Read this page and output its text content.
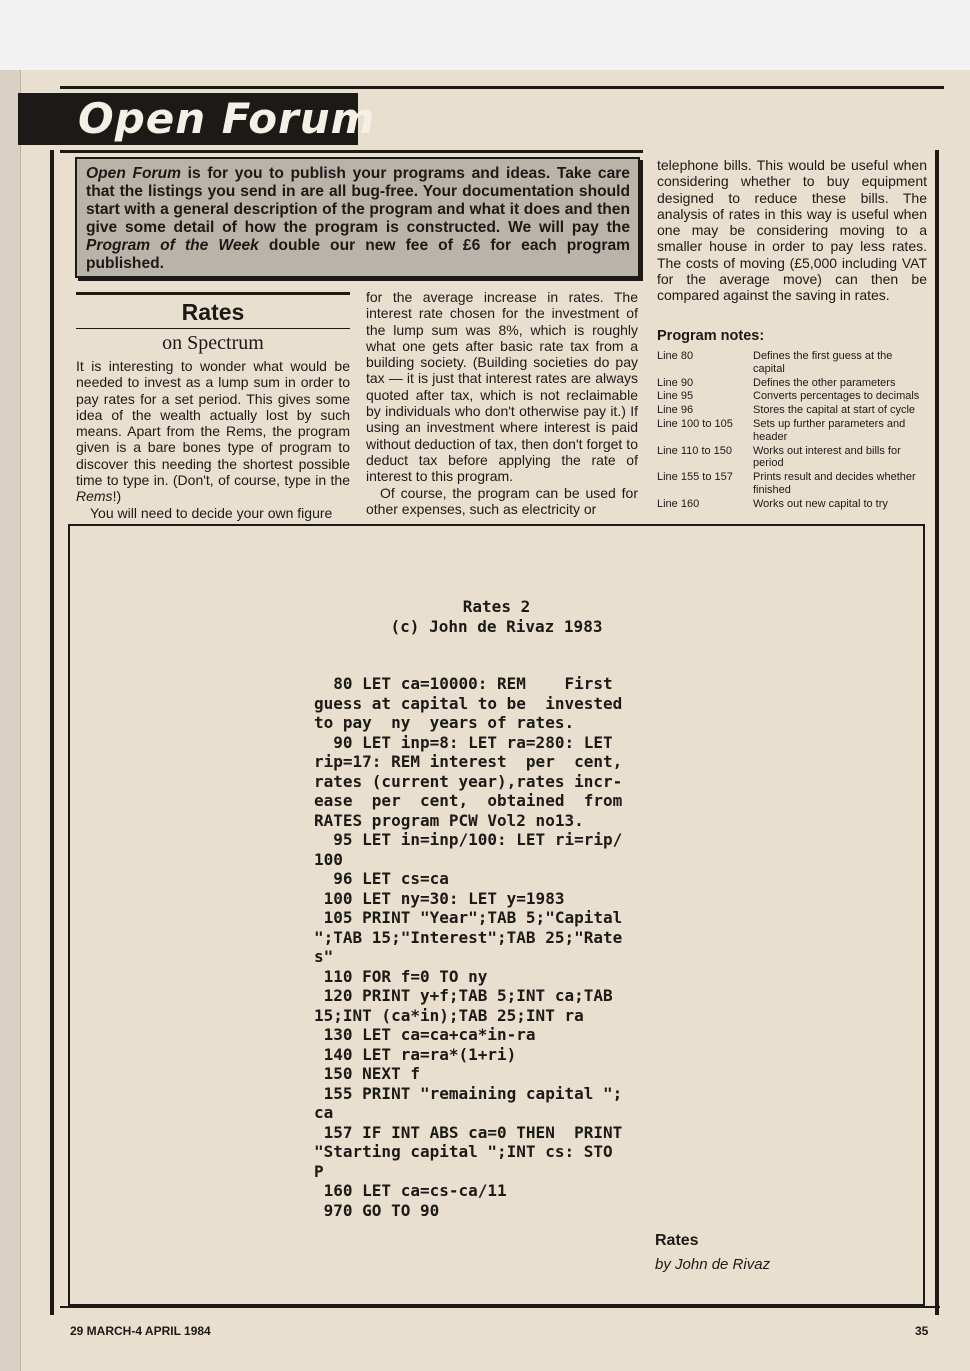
Open Forum
Open Forum is for you to publish your programs and ideas. Take care that the listings you send in are all bug-free. Your documentation should start with a general description of the program and what it does and then give some detail of how the program is constructed. We will pay the Program of the Week double our new fee of £6 for each program published.
Rates
on Spectrum

It is interesting to wonder what would be needed to invest as a lump sum in order to pay rates for a set period. This gives some idea of the wealth actually lost by such means. Apart from the Rems, the program given is a bare bones type of program to discover this needing the shortest possible time to type in. (Don't, of course, type in the Rems!)

You will need to decide your own figure

for the average increase in rates. The interest rate chosen for the investment of the lump sum was 8%, which is roughly what one gets after basic rate tax from a building society. (Building societies do pay tax — it is just that interest rates are always quoted after tax, which is not reclaimable by individuals who don't otherwise pay it.) If using an investment where interest is paid without deduction of tax, then don't forget to deduct tax before applying the rate of interest to this program.

Of course, the program can be used for other expenses, such as electricity or

telephone bills. This would be useful when considering whether to buy equipment designed to reduce these bills. The analysis of rates in this way is useful when one may be considering moving to a smaller house in order to pay less rates. The costs of moving (£5,000 including VAT for the average move) can then be compared against the saving in rates.

Program notes:
Line 80	Defines the first guess at the capital
Line 90	Defines the other parameters
Line 95	Converts percentages to decimals
Line 96	Stores the capital at start of cycle
Line 100 to 105	Sets up further parameters and header
Line 110 to 150	Works out interest and bills for period
Line 155 to 157	Prints result and decides whether finished
Line 160	Works out new capital to try
Rates 2
(c) John de Rivaz 1983
80 LET ca=10000: REM    First
guess at capital to be  invested
to pay  ny  years of rates.
90 LET inp=8: LET ra=280: LET
rip=17: REM interest  per  cent,
rates (current year),rates incr-
ease  per  cent,  obtained  from
RATES program PCW Vol2 no13.
95 LET in=inp/100: LET ri=rip/
100
96 LET cs=ca
100 LET ny=30: LET y=1983
105 PRINT "Year";TAB 5;"Capital
";TAB 15;"Interest";TAB 25;"Rate
s"
110 FOR f=0 TO ny
120 PRINT y+f;TAB 5;INT ca;TAB
15;INT (ca*in);TAB 25;INT ra
130 LET ca=ca+ca*in-ra
140 LET ra=ra*(1+ri)
150 NEXT f
155 PRINT "remaining capital ";
ca
157 IF INT ABS ca=0 THEN  PRINT
"Starting capital ";INT cs: STO
P
160 LET ca=cs-ca/11
970 GO TO 90
Rates
by John de Rivaz
29 MARCH-4 APRIL 1984	35
